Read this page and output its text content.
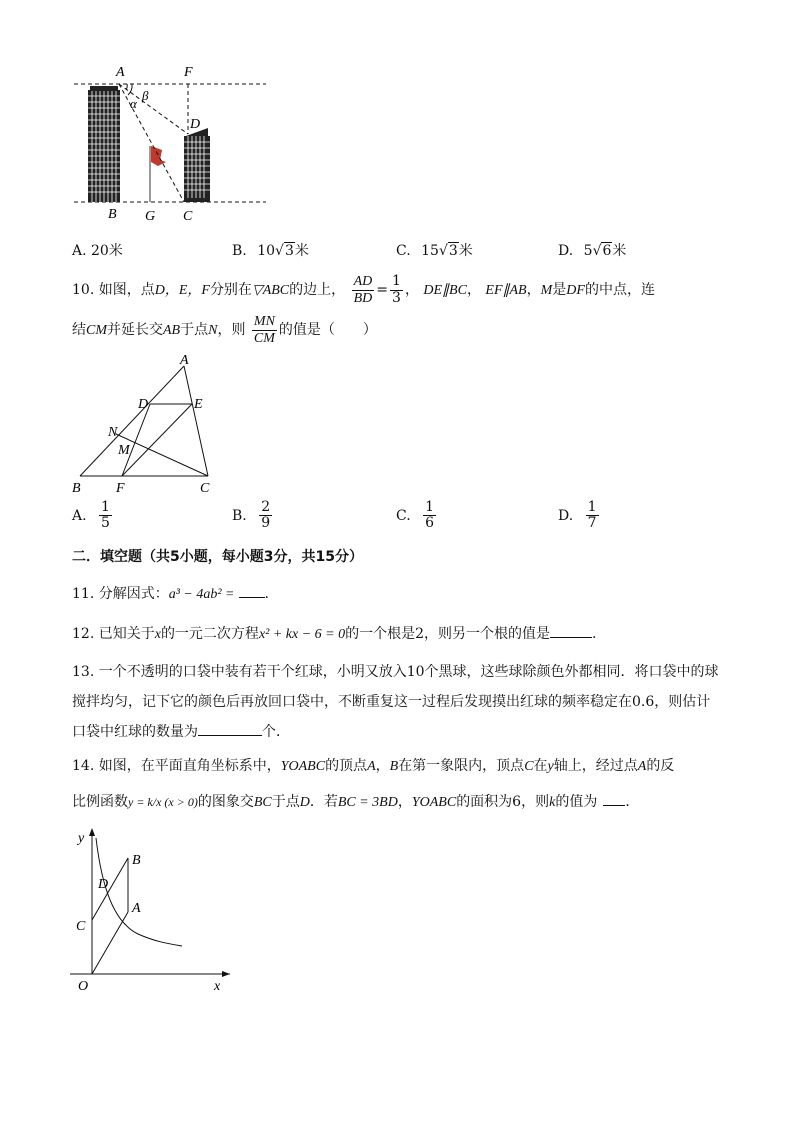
A	F
β
α
D
B G C
A. 20米	B. 10√3米	C. 15√3米	D. 5√6米
10. 如图，点D，E，F分别在▽ABC的边上， $\frac{AD}{BD} = \frac{1}{3}$ ， DE∥BC， EF∥AB，M是DF的中点，连
结CM并延长交AB于点N，则 $\frac{MN}{CM}$ 的值是（　　）
A
D	E
N
M
B	F	C
A. $\frac{1}{5}$	B. $\frac{2}{9}$	C. $\frac{1}{6}$	D. $\frac{1}{7}$
二．填空题（共5小题，每小题3分，共15分）
11. 分解因式：a³ − 4ab² = .
12. 已知关于x的一元二次方程x² + kx − 6 = 0的一个根是2，则另一个根的值是	.
13. 一个不透明的口袋中装有若干个红球，小明又放入10个黑球，这些球除颜色外都相同．将口袋中的球
搅拌均匀，记下它的颜色后再放回口袋中，不断重复这一过程后发现摸出红球的频率稳定在0.6，则估计
口袋中红球的数量为	个．
14. 如图，在平面直角坐标系中，YOABC的顶点A，B在第一象限内，顶点C在y轴上，经过点A的反
比例函数y = k/x (x > 0)的图象交BC于点D．若BC = 3BD，YOABC的面积为6，则k的值为 ．
y
B
D
A
C
O	x
